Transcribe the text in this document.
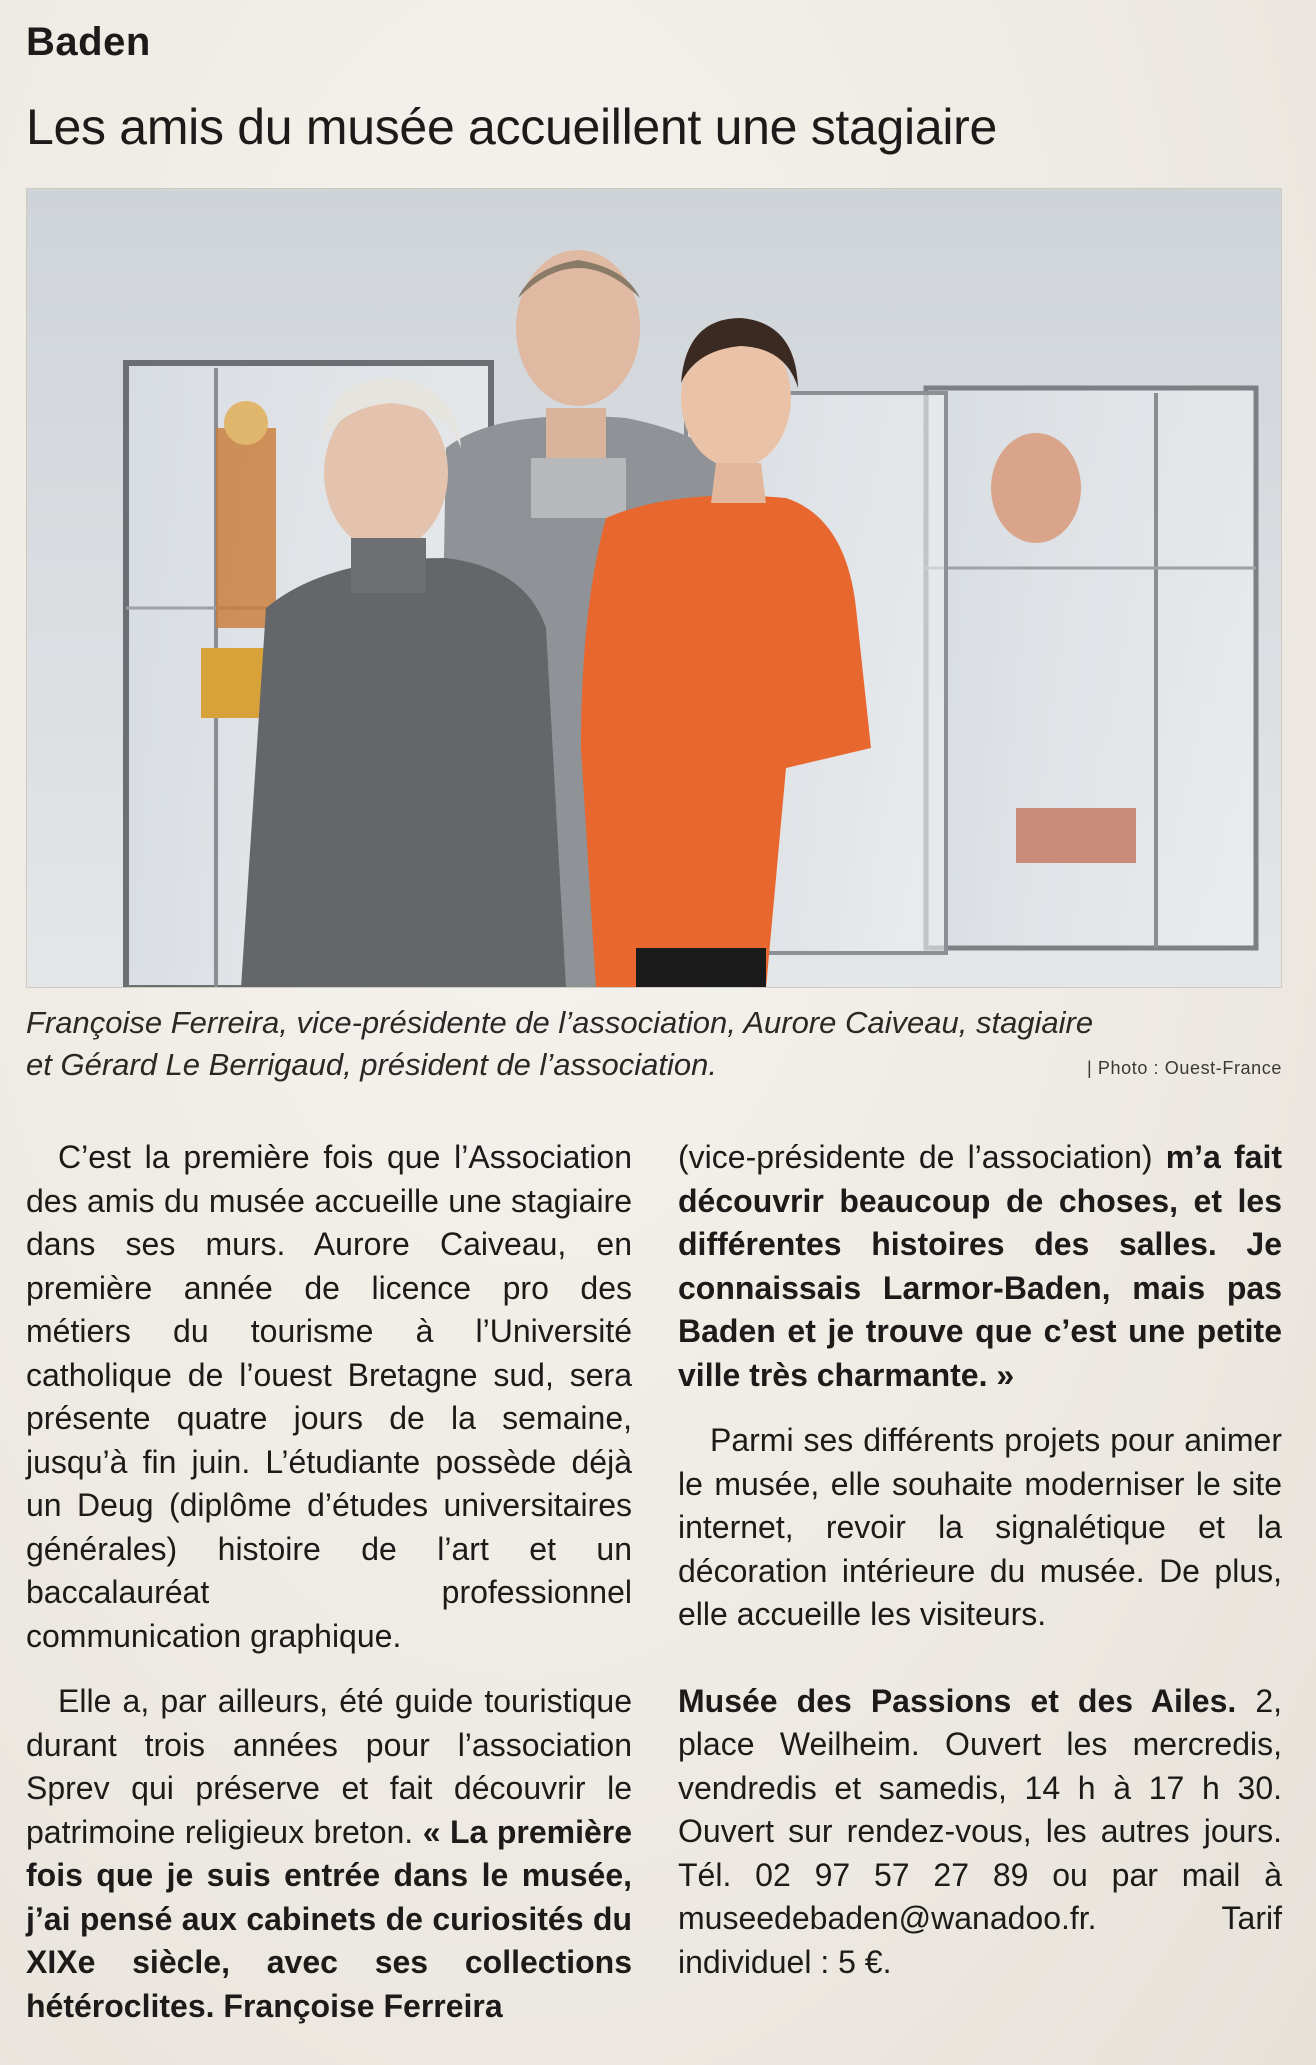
Baden
Les amis du musée accueillent une stagiaire
Françoise Ferreira, vice-présidente de l’association, Aurore Caiveau, stagiaire
et Gérard Le Berrigaud, président de l’association.	| Photo : Ouest-France

C’est la première fois que l’Association des amis du musée accueille une stagiaire dans ses murs. Aurore Caiveau, en première année de licence pro des métiers du tourisme à l’Université catholique de l’ouest Bretagne sud, sera présente quatre jours de la semaine, jusqu’à fin juin. L’étudiante possède déjà un Deug (diplôme d’études universitaires générales) histoire de l’art et un baccalauréat professionnel communication graphique.

Elle a, par ailleurs, été guide touristique durant trois années pour l’association Sprev qui préserve et fait découvrir le patrimoine religieux breton. « La première fois que je suis entrée dans le musée, j’ai pensé aux cabinets de curiosités du XIXe siècle, avec ses collections hétéroclites. Françoise Ferreira

(vice-présidente de l’association) m’a fait découvrir beaucoup de choses, et les différentes histoires des salles. Je connaissais Larmor-Baden, mais pas Baden et je trouve que c’est une petite ville très charmante. »

Parmi ses différents projets pour animer le musée, elle souhaite moderniser le site internet, revoir la signalétique et la décoration intérieure du musée. De plus, elle accueille les visiteurs.

Musée des Passions et des Ailes. 2, place Weilheim. Ouvert les mercredis, vendredis et samedis, 14 h à 17 h 30. Ouvert sur rendez-vous, les autres jours. Tél. 02 97 57 27 89 ou par mail à museedebaden@wanadoo.fr. Tarif individuel : 5 €.
